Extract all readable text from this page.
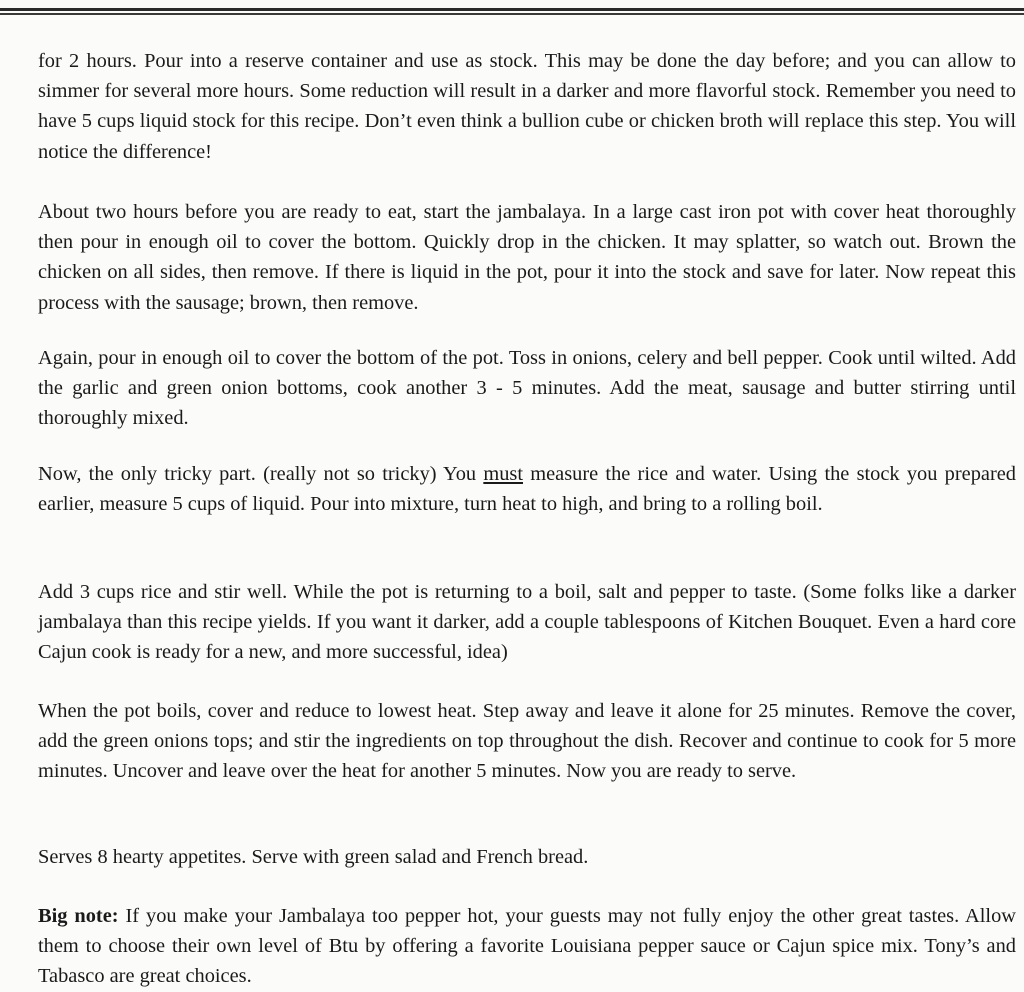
for 2 hours. Pour into a reserve container and use as stock. This may be done the day before; and you can allow to simmer for several more hours. Some reduction will result in a darker and more flavorful stock. Remember you need to have 5 cups liquid stock for this recipe. Don’t even think a bullion cube or chicken broth will replace this step. You will notice the difference!

About two hours before you are ready to eat, start the jambalaya. In a large cast iron pot with cover heat thoroughly then pour in enough oil to cover the bottom. Quickly drop in the chicken. It may splatter, so watch out. Brown the chicken on all sides, then remove. If there is liquid in the pot, pour it into the stock and save for later. Now repeat this process with the sausage; brown, then remove.

Again, pour in enough oil to cover the bottom of the pot. Toss in onions, celery and bell pepper. Cook until wilted. Add the garlic and green onion bottoms, cook another 3 - 5 minutes. Add the meat, sausage and butter stirring until thoroughly mixed.

Now, the only tricky part. (really not so tricky) You must measure the rice and water. Using the stock you prepared earlier, measure 5 cups of liquid. Pour into mixture, turn heat to high, and bring to a rolling boil.

Add 3 cups rice and stir well. While the pot is returning to a boil, salt and pepper to taste. (Some folks like a darker jambalaya than this recipe yields. If you want it darker, add a couple tablespoons of Kitchen Bouquet. Even a hard core Cajun cook is ready for a new, and more successful, idea)

When the pot boils, cover and reduce to lowest heat. Step away and leave it alone for 25 minutes. Remove the cover, add the green onions tops; and stir the ingredients on top throughout the dish. Recover and continue to cook for 5 more minutes. Uncover and leave over the heat for another 5 minutes. Now you are ready to serve.

Serves 8 hearty appetites. Serve with green salad and French bread.

Big note: If you make your Jambalaya too pepper hot, your guests may not fully enjoy the other great tastes. Allow them to choose their own level of Btu by offering a favorite Louisiana pepper sauce or Cajun spice mix. Tony’s and Tabasco are great choices.
